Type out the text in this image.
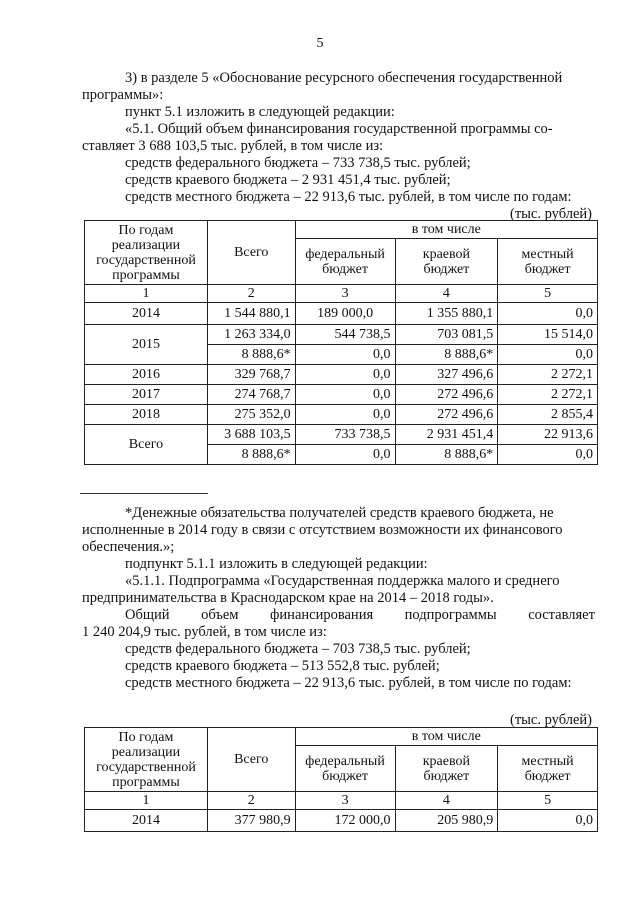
5
3) в разделе 5 «Обоснование ресурсного обеспечения государственной
программы»:
пункт 5.1 изложить в следующей редакции:
«5.1. Общий объем финансирования государственной программы со-
ставляет 3 688 103,5 тыс. рублей, в том числе из:
средств федерального бюджета – 733 738,5 тыс. рублей;
средств краевого бюджета – 2 931 451,4 тыс. рублей;
средств местного бюджета – 22 913,6 тыс. рублей, в том числе по годам:
(тыс. рублей)
По годам реализации государственной программы	Всего	в том числе		
		федеральный бюджет	краевой бюджет	местный бюджет
1	2	3	4	5
2014	1 544 880,1	189 000,0	1 355 880,1	0,0
2015	1 263 334,0	544 738,5	703 081,5	15 514,0
	8 888,6*	0,0	8 888,6*	0,0
2016	329 768,7	0,0	327 496,6	2 272,1
2017	274 768,7	0,0	272 496,6	2 272,1
2018	275 352,0	0,0	272 496,6	2 855,4
Всего	3 688 103,5	733 738,5	2 931 451,4	22 913,6
	8 888,6*	0,0	8 888,6*	0,0
*Денежные обязательства получателей средств краевого бюджета, не
исполненные в 2014 году в связи с отсутствием возможности их финансового
обеспечения.»;
подпункт 5.1.1 изложить в следующей редакции:
«5.1.1. Подпрограмма «Государственная поддержка малого и среднего
предпринимательства в Краснодарском крае на 2014 – 2018 годы».
Общий объем финансирования подпрограммы составляет
1 240 204,9 тыс. рублей, в том числе из:
средств федерального бюджета – 703 738,5 тыс. рублей;
средств краевого бюджета – 513 552,8 тыс. рублей;
средств местного бюджета – 22 913,6 тыс. рублей, в том числе по годам:
(тыс. рублей)
По годам реализации государственной программы	Всего	в том числе		
		федеральный бюджет	краевой бюджет	местный бюджет
1	2	3	4	5
2014	377 980,9	172 000,0	205 980,9	0,0
